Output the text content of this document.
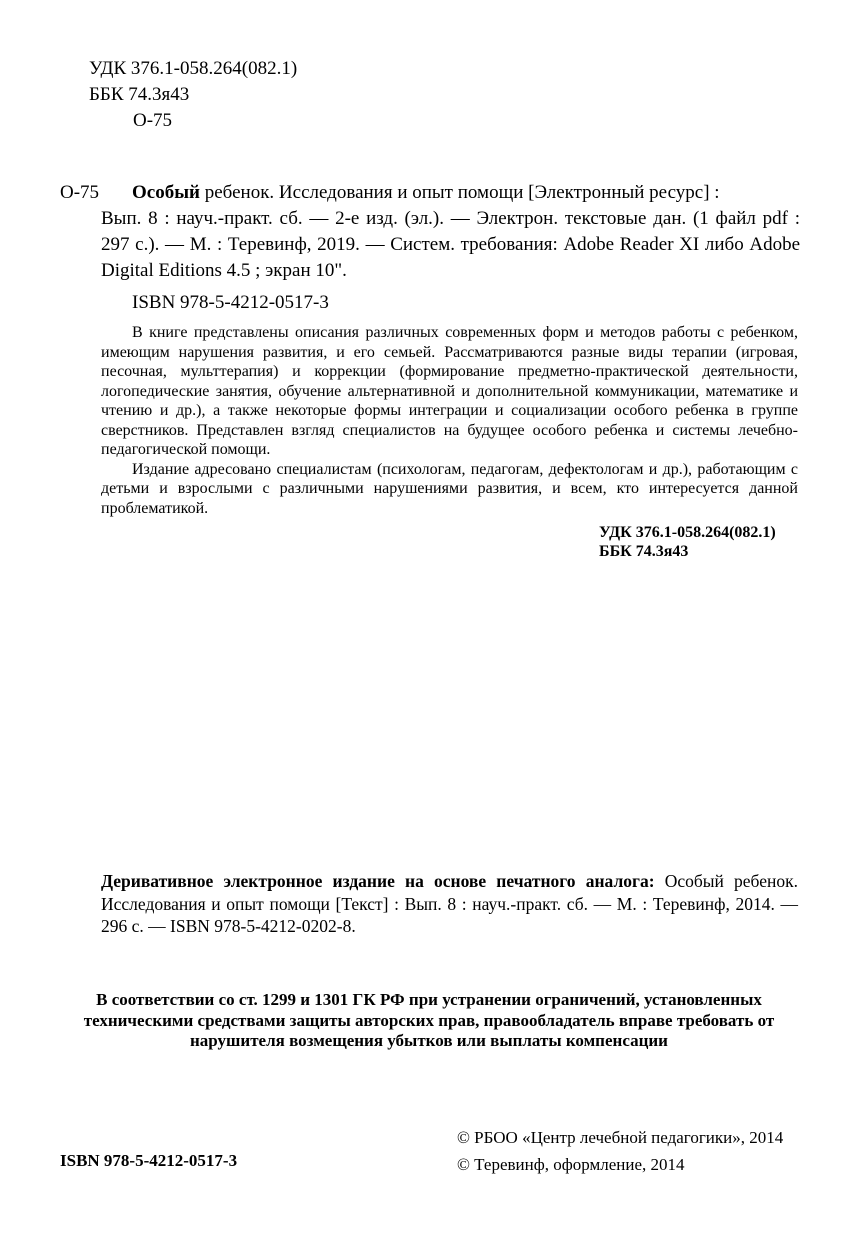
УДК 376.1-058.264(082.1)
ББК 74.3я43
О-75
О-75	Особый ребенок. Исследования и опыт помощи [Электронный ресурс] :
Вып. 8 : науч.-практ. сб. — 2-е изд. (эл.). — Электрон. текстовые дан. (1 файл pdf : 297 с.). — М. : Теревинф, 2019. — Систем. требования: Adobe Reader XI либо Adobe Digital Editions 4.5 ; экран 10".
ISBN 978-5-4212-0517-3

В книге представлены описания различных современных форм и методов работы с ребенком, имеющим нарушения развития, и его семьей. Рассматриваются разные виды терапии (игровая, песочная, мульттерапия) и коррекции (формирование предметно-практической деятельности, логопедические занятия, обучение альтернативной и дополнительной коммуникации, математике и чтению и др.), а также некоторые формы интеграции и социализации особого ребенка в группе сверстников. Представлен взгляд специалистов на будущее особого ребенка и системы лечебно-педагогической помощи.

Издание адресовано специалистам (психологам, педагогам, дефектологам и др.), работающим с детьми и взрослыми с различными нарушениями развития, и всем, кто интересуется данной проблематикой.

УДК 376.1-058.264(082.1)
ББК 74.3я43
Деривативное электронное издание на основе печатного аналога: Особый ребенок. Исследования и опыт помощи [Текст] : Вып. 8 : науч.-практ. сб. — М. : Теревинф, 2014. — 296 с. — ISBN 978-5-4212-0202-8.
В соответствии со ст. 1299 и 1301 ГК РФ при устранении ограничений, установленных техническими средствами защиты авторских прав, правообладатель вправе требовать от нарушителя возмещения убытков или выплаты компенсации
ISBN 978-5-4212-0517-3
© РБОО «Центр лечебной педагогики», 2014
© Теревинф, оформление, 2014
